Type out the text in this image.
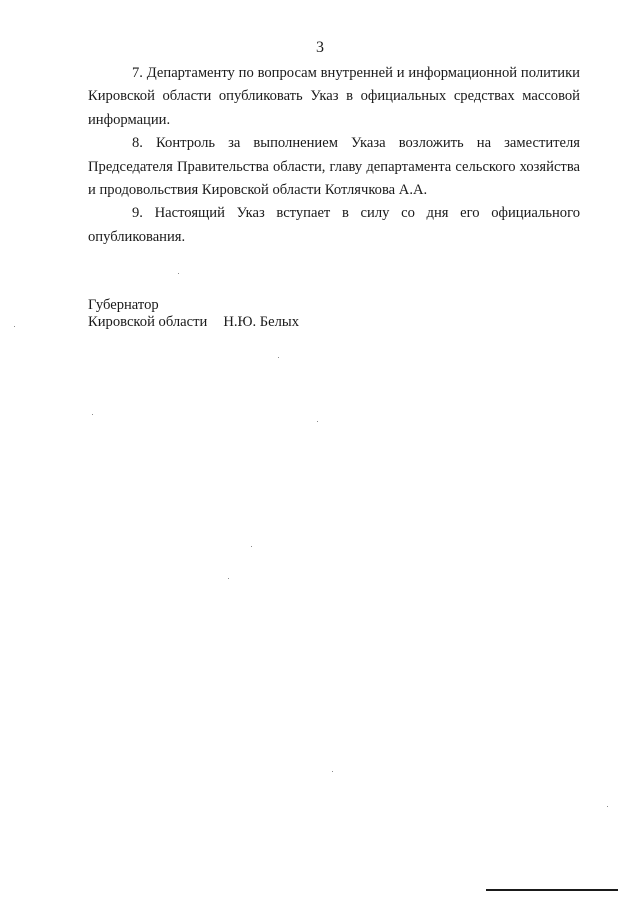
3

7. Департаменту по вопросам внутренней и информационной политики Кировской области опубликовать Указ в официальных средствах массовой информации.

8. Контроль за выполнением Указа возложить на заместителя Председателя Правительства области, главу департамента сельского хозяйства и продовольствия Кировской области Котлячкова А.А.

9. Настоящий Указ вступает в силу со дня его официального опубликования.

Губернатор
Кировской области Н.Ю. Белых
